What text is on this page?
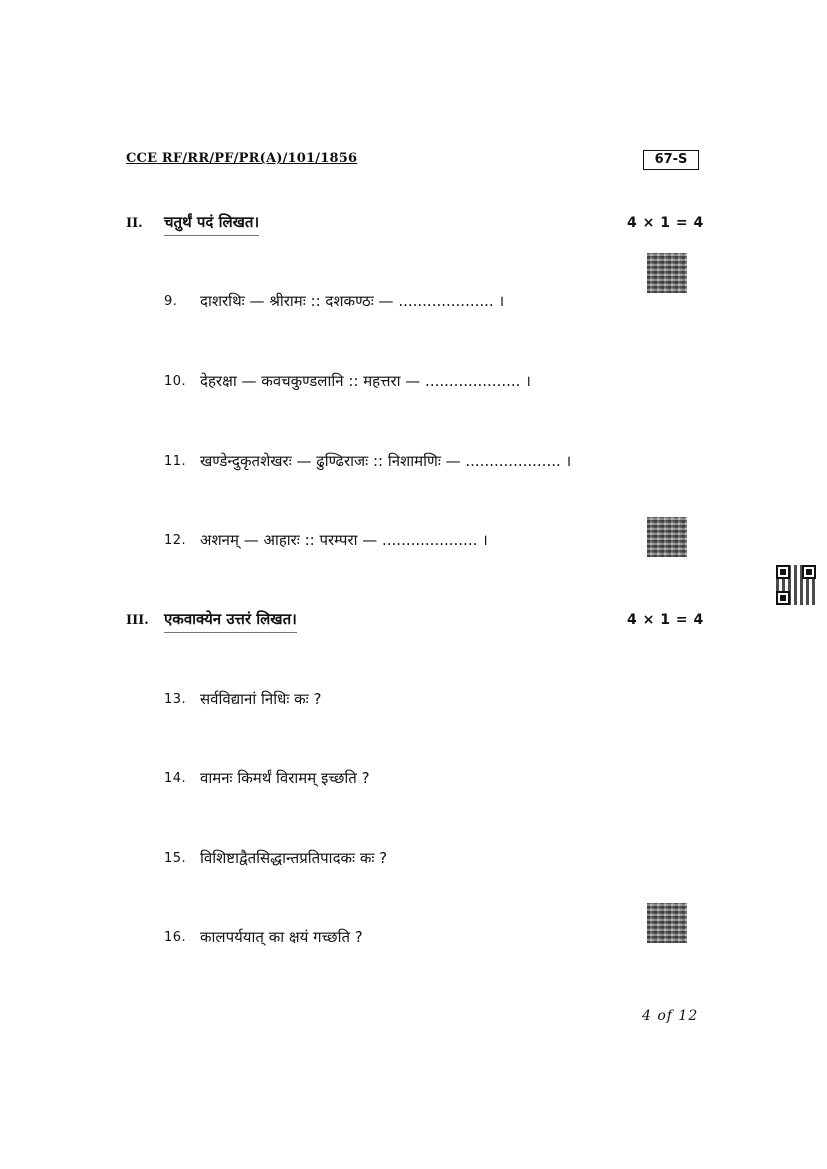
CCE RF/RR/PF/PR(A)/101/1856	67-S
II. चतुर्थं पदं लिखत।	4 × 1 = 4
9. दाशरथिः — श्रीरामः :: दशकण्ठः — .................... ।
10. देहरक्षा — कवचकुण्डलानि :: महत्तरा — .................... ।
11. खण्डेन्दुकृतशेखरः — ढुण्ढिराजः :: निशामणिः — .................... ।
12. अशनम् — आहारः :: परम्परा — .................... ।
III. एकवाक्येन उत्तरं लिखत।	4 × 1 = 4
13. सर्वविद्यानां निधिः कः ?
14. वामनः किमर्थं विरामम् इच्छति ?
15. विशिष्टाद्वैतसिद्धान्तप्रतिपादकः कः ?
16. कालपर्ययात् का क्षयं गच्छति ?
4 of 12
